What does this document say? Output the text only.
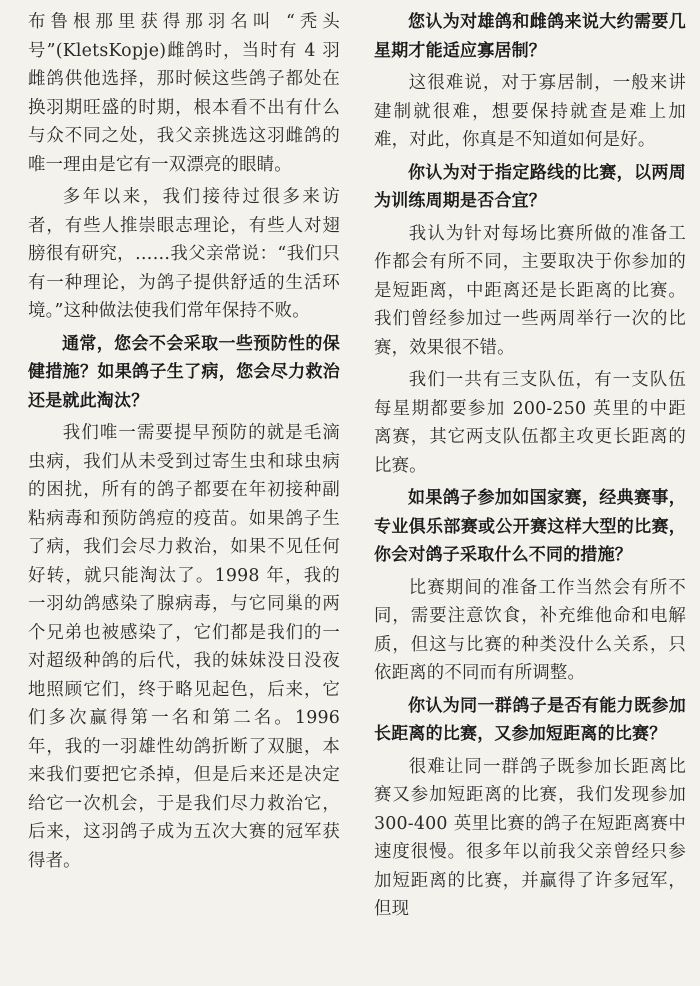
布鲁根那里获得那羽名叫 “秃头号”(KletsKopje)雌鸽时，当时有 4 羽雌鸽供他选择，那时候这些鸽子都处在换羽期旺盛的时期，根本看不出有什么与众不同之处，我父亲挑选这羽雌鸽的唯一理由是它有一双漂亮的眼睛。

多年以来，我们接待过很多来访者，有些人推崇眼志理论，有些人对翅膀很有研究，……我父亲常说：“我们只有一种理论，为鸽子提供舒适的生活环境。”这种做法使我们常年保持不败。

通常，您会不会采取一些预防性的保健措施？如果鸽子生了病，您会尽力救治还是就此淘汰？

我们唯一需要提早预防的就是毛滴虫病，我们从未受到过寄生虫和球虫病的困扰，所有的鸽子都要在年初接种副粘病毒和预防鸽痘的疫苗。如果鸽子生了病，我们会尽力救治，如果不见任何好转，就只能淘汰了。1998 年，我的一羽幼鸽感染了腺病毒，与它同巢的两个兄弟也被感染了，它们都是我们的一对超级种鸽的后代，我的妹妹没日没夜地照顾它们，终于略见起色，后来，它们多次赢得第一名和第二名。1996 年，我的一羽雄性幼鸽折断了双腿，本来我们要把它杀掉，但是后来还是决定给它一次机会，于是我们尽力救治它，后来，这羽鸽子成为五次大赛的冠军获得者。

您认为对雄鸽和雌鸽来说大约需要几星期才能适应寡居制？

这很难说，对于寡居制，一般来讲建制就很难，想要保持就查是难上加难，对此，你真是不知道如何是好。

你认为对于指定路线的比赛，以两周为训练周期是否合宜？

我认为针对每场比赛所做的准备工作都会有所不同，主要取决于你参加的是短距离，中距离还是长距离的比赛。我们曾经参加过一些两周举行一次的比赛，效果很不错。

我们一共有三支队伍，有一支队伍每星期都要参加 200-250 英里的中距离赛，其它两支队伍都主攻更长距离的比赛。

如果鸽子参加如国家赛，经典赛事，专业俱乐部赛或公开赛这样大型的比赛，你会对鸽子采取什么不同的措施？

比赛期间的准备工作当然会有所不同，需要注意饮食，补充维他命和电解质，但这与比赛的种类没什么关系，只依距离的不同而有所调整。

你认为同一群鸽子是否有能力既参加长距离的比赛，又参加短距离的比赛？

很难让同一群鸽子既参加长距离比赛又参加短距离的比赛，我们发现参加 300-400 英里比赛的鸽子在短距离赛中速度很慢。很多年以前我父亲曾经只参加短距离的比赛，并赢得了许多冠军，但现
